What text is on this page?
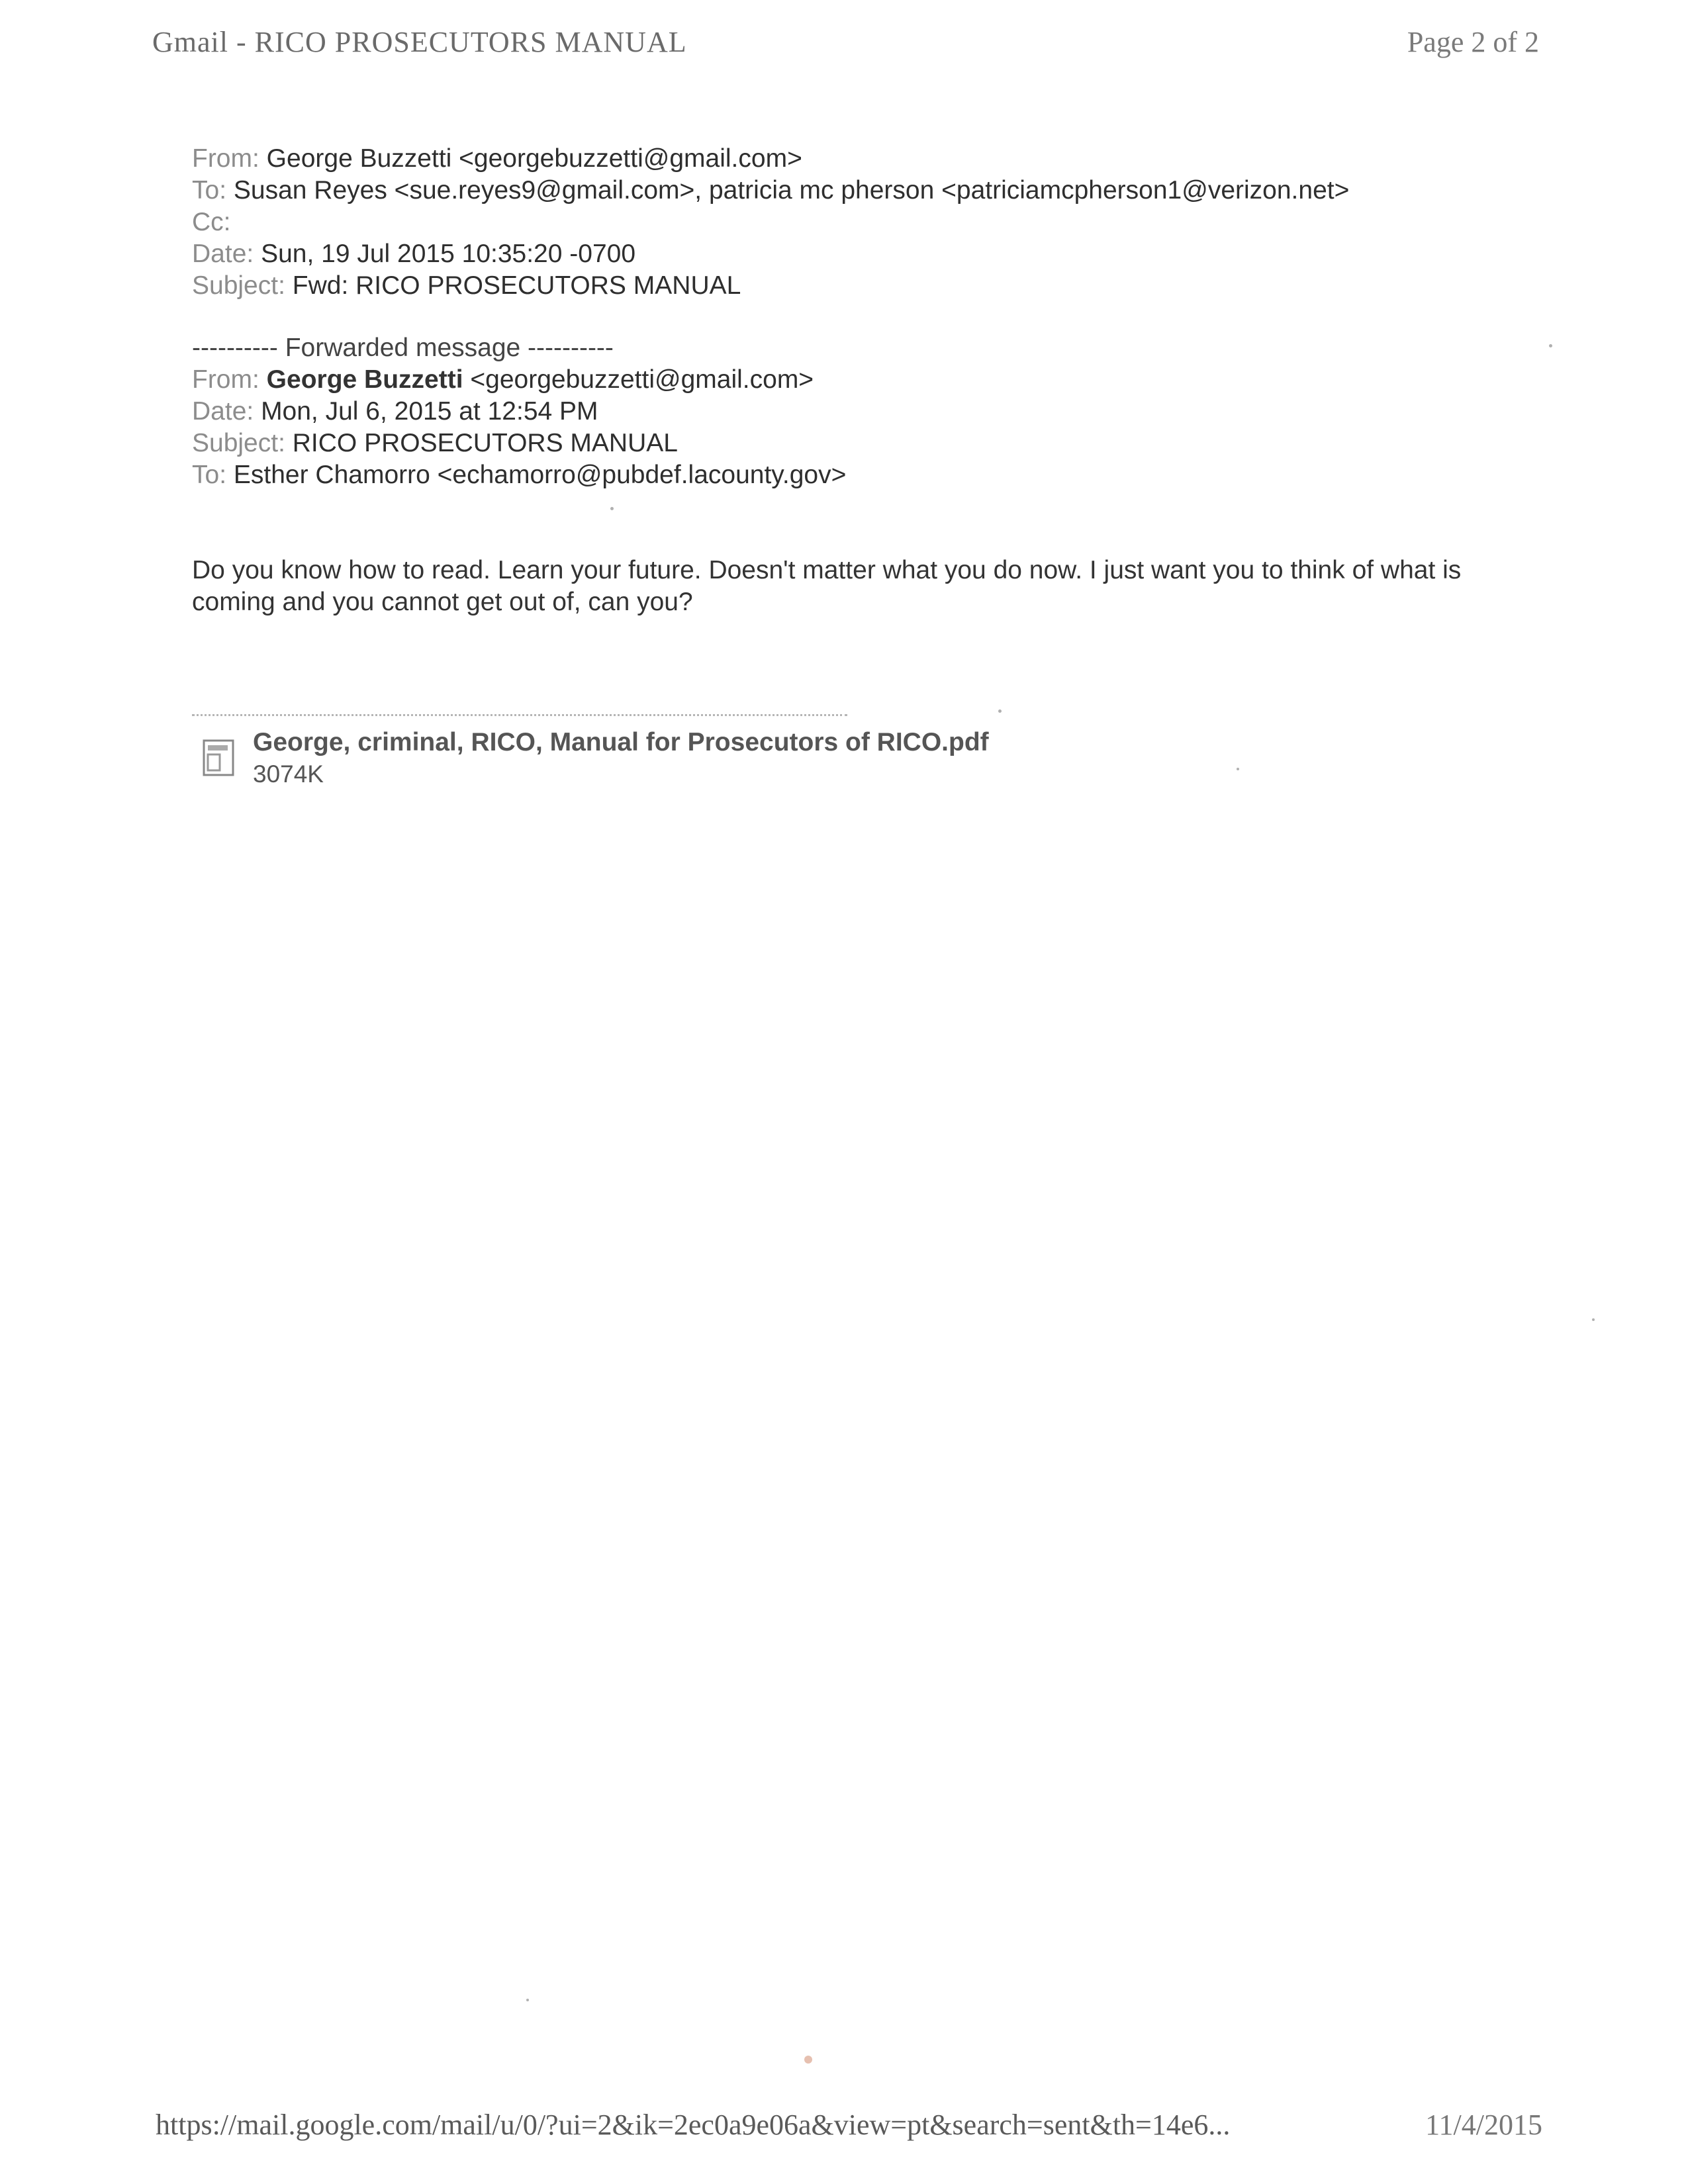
Gmail - RICO PROSECUTORS MANUAL	Page 2 of 2
From: George Buzzetti <georgebuzzetti@gmail.com>
To: Susan Reyes <sue.reyes9@gmail.com>, patricia mc pherson <patriciamcpherson1@verizon.net>
Cc:
Date: Sun, 19 Jul 2015 10:35:20 -0700
Subject: Fwd: RICO PROSECUTORS MANUAL
---------- Forwarded message ----------
From: George Buzzetti <georgebuzzetti@gmail.com>
Date: Mon, Jul 6, 2015 at 12:54 PM
Subject: RICO PROSECUTORS MANUAL
To: Esther Chamorro <echamorro@pubdef.lacounty.gov>
Do you know how to read. Learn your future. Doesn't matter what you do now. I just want you to think of what is coming and you cannot get out of, can you?
George, criminal, RICO, Manual for Prosecutors of RICO.pdf
3074K
https://mail.google.com/mail/u/0/?ui=2&ik=2ec0a9e06a&view=pt&search=sent&th=14e6...	11/4/2015
